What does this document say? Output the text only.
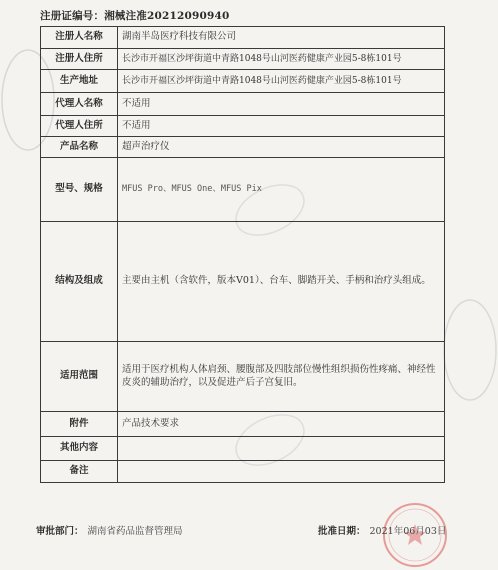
注册证编号：湘械注准20212090940
注册人名称	湖南半岛医疗科技有限公司
注册人住所	长沙市开福区沙坪街道中青路1048号山河医药健康产业园5-8栋101号
生产地址	长沙市开福区沙坪街道中青路1048号山河医药健康产业园5-8栋101号
代理人名称	不适用
代理人住所	不适用
产品名称	超声治疗仪
型号、规格	MFUS Pro、MFUS One、MFUS Pix
结构及组成	主要由主机（含软件，版本V01）、台车、脚踏开关、手柄和治疗头组成。
适用范围	适用于医疗机构人体肩颈、腰腹部及四肢部位慢性组织损伤性疼痛、神经性皮炎的辅助治疗，以及促进产后子宫复旧。
附件	产品技术要求
其他内容	
备注	
审批部门： 湖南省药品监督管理局	批准日期： 2021年06月03日
